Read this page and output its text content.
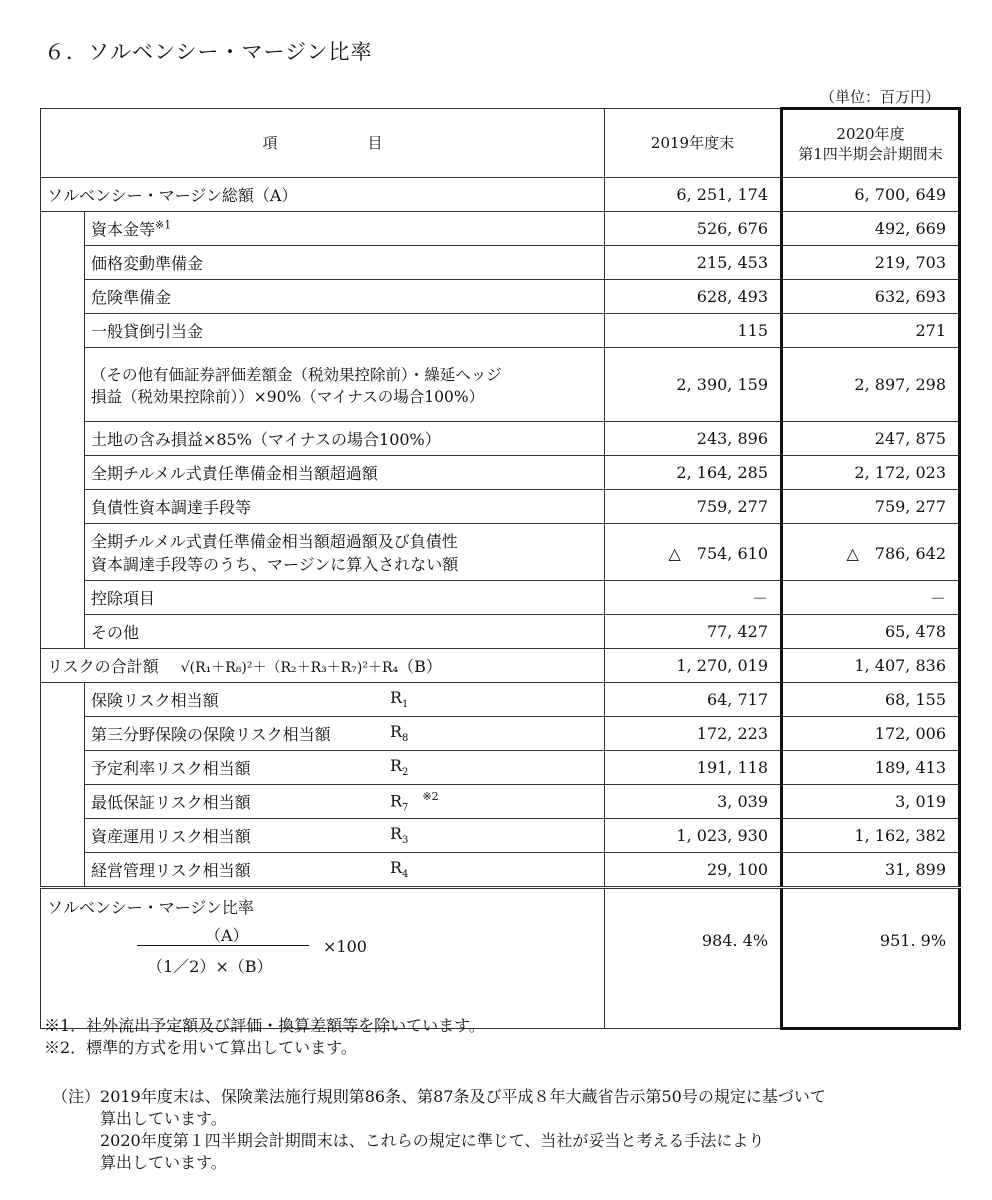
６．ソルベンシー・マージン比率
（単位：百万円）
項　　　　　　目		2019年度末	2020年度
第1四半期会計期間末

ソルベンシー・マージン総額（A）		6, 251, 174	6, 700, 649
	資本金等$^{※1}$	526, 676	492, 669
	価格変動準備金	215, 453	219, 703
	危険準備金	628, 493	632, 693
	一般貸倒引当金	115	271

	（その他有価証券評価差額金（税効果控除前）・繰延ヘッジ
損益（税効果控除前））×90%（マイナスの場合100%）	2, 390, 159	2, 897, 298
	土地の含み損益×85%（マイナスの場合100%）	243, 896	247, 875
	全期チルメル式責任準備金相当額超過額	2, 164, 285	2, 172, 023
	負債性資本調達手段等	759, 277	759, 277

	全期チルメル式責任準備金相当額超過額及び負債性
資本調達手段等のうち、マージンに算入されない額	△　754, 610	△　786, 642
	控除項目	－	－
	その他	77, 427	65, 478
リスクの合計額 √(R₁＋R₈)²＋（R₂＋R₃＋R₇)²＋R₄（B）		1, 270, 019	1, 407, 836
	保険リスク相当額 $R_1$	64, 717	68, 155
	第三分野保険の保険リスク相当額 $R_8$	172, 223	172, 006
	予定利率リスク相当額 $R_2$	191, 118	189, 413
	最低保証リスク相当額 $R_7^{※2}$	3, 039	3, 019
	資産運用リスク相当額 $R_3$	1, 023, 930	1, 162, 382
	経営管理リスク相当額 $R_4$	29, 100	31, 899

ソルベンシー・マージン比率
（A）
（1／2）×（B）
×100		984. 4%	951. 9%
※1．社外流出予定額及び評価・換算差額等を除いています。
※2．標準的方式を用いて算出しています。
（注）2019年度末は、保険業法施行規則第86条、第87条及び平成８年大蔵省告示第50号の規定に基づいて
算出しています。
2020年度第１四半期会計期間末は、これらの規定に準じて、当社が妥当と考える手法により
算出しています。
